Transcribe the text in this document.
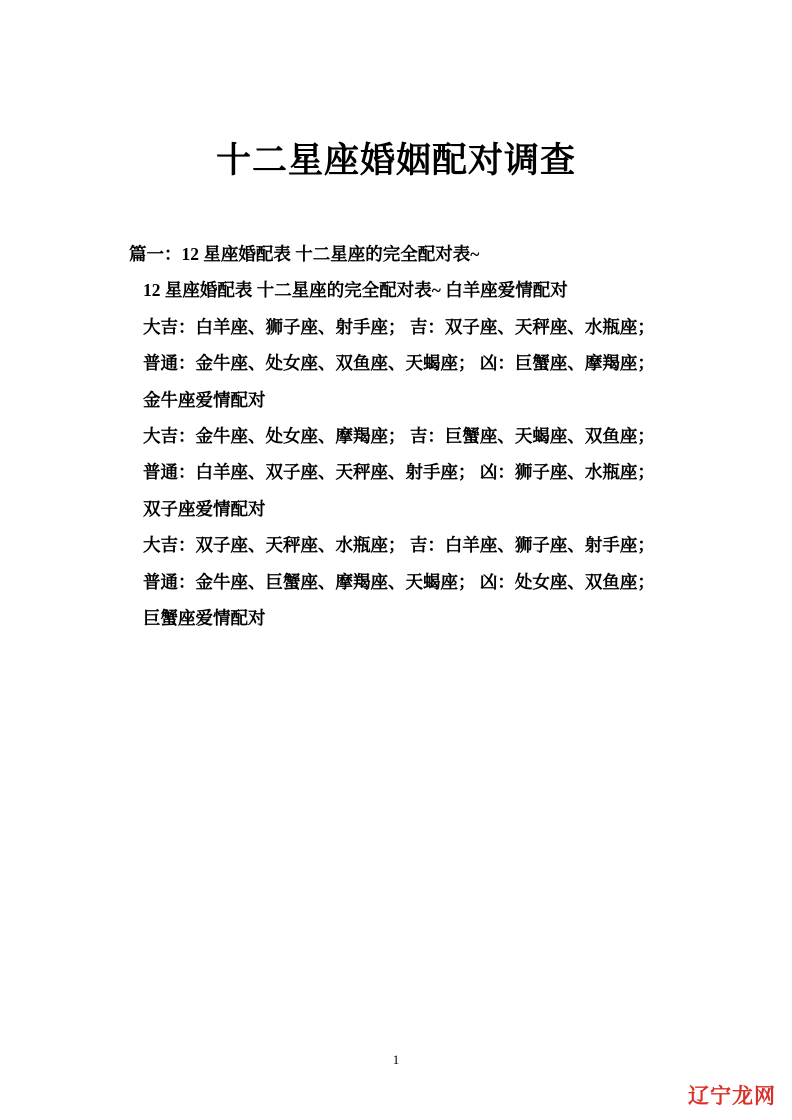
十二星座婚姻配对调查

篇一：12 星座婚配表 十二星座的完全配对表~

12 星座婚配表 十二星座的完全配对表~ 白羊座爱情配对

大吉：白羊座、狮子座、射手座； 吉：双子座、天秤座、水瓶座；

普通：金牛座、处女座、双鱼座、天蝎座； 凶：巨蟹座、摩羯座；

金牛座爱情配对

大吉：金牛座、处女座、摩羯座； 吉：巨蟹座、天蝎座、双鱼座；

普通：白羊座、双子座、天秤座、射手座； 凶：狮子座、水瓶座；

双子座爱情配对

大吉：双子座、天秤座、水瓶座； 吉：白羊座、狮子座、射手座；

普通：金牛座、巨蟹座、摩羯座、天蝎座； 凶：处女座、双鱼座；

巨蟹座爱情配对

1
辽宁龙网
